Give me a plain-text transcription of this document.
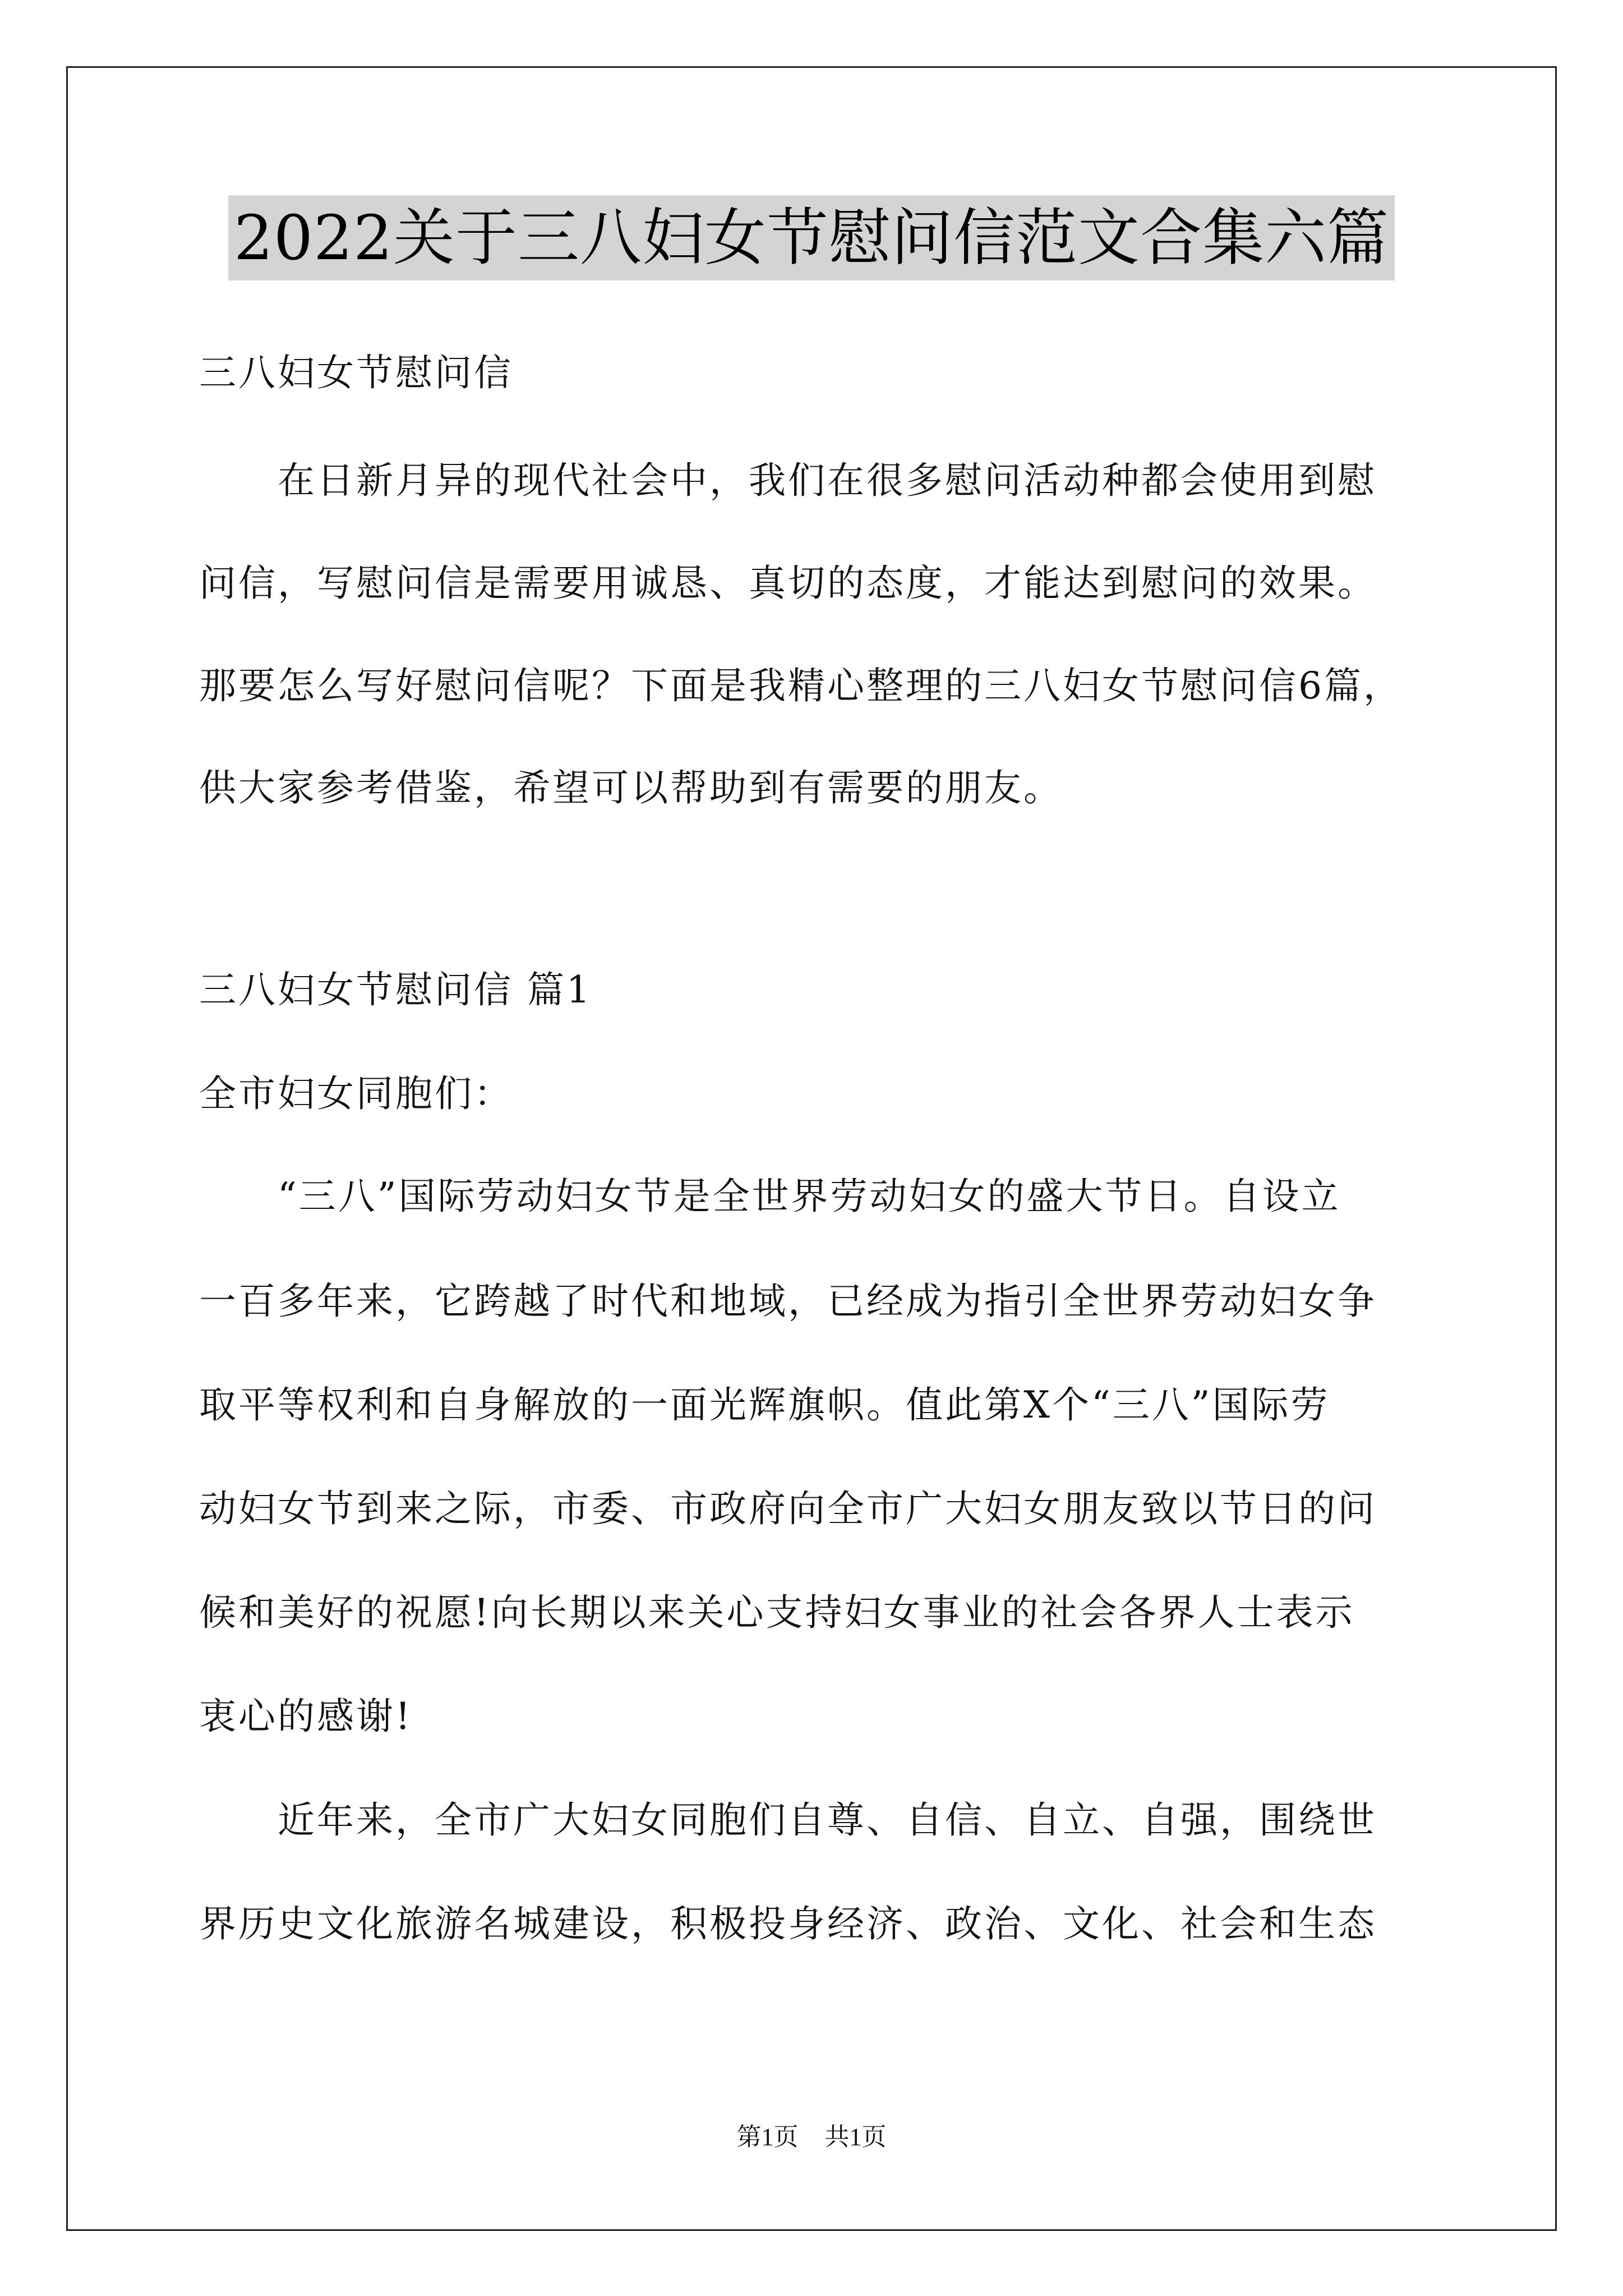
2022关于三八妇女节慰问信范文合集六篇
三八妇女节慰问信
　　在日新月异的现代社会中，我们在很多慰问活动种都会使用到慰
问信，写慰问信是需要用诚恳、真切的态度，才能达到慰问的效果。
那要怎么写好慰问信呢？下面是我精心整理的三八妇女节慰问信6篇，
供大家参考借鉴，希望可以帮助到有需要的朋友。
三八妇女节慰问信 篇1
全市妇女同胞们：
　　“三八”国际劳动妇女节是全世界劳动妇女的盛大节日。自设立
一百多年来，它跨越了时代和地域，已经成为指引全世界劳动妇女争
取平等权利和自身解放的一面光辉旗帜。值此第X个“三八”国际劳
动妇女节到来之际，市委、市政府向全市广大妇女朋友致以节日的问
候和美好的祝愿!向长期以来关心支持妇女事业的社会各界人士表示
衷心的感谢!
　　近年来，全市广大妇女同胞们自尊、自信、自立、自强，围绕世
界历史文化旅游名城建设，积极投身经济、政治、文化、社会和生态
第1页 共1页
